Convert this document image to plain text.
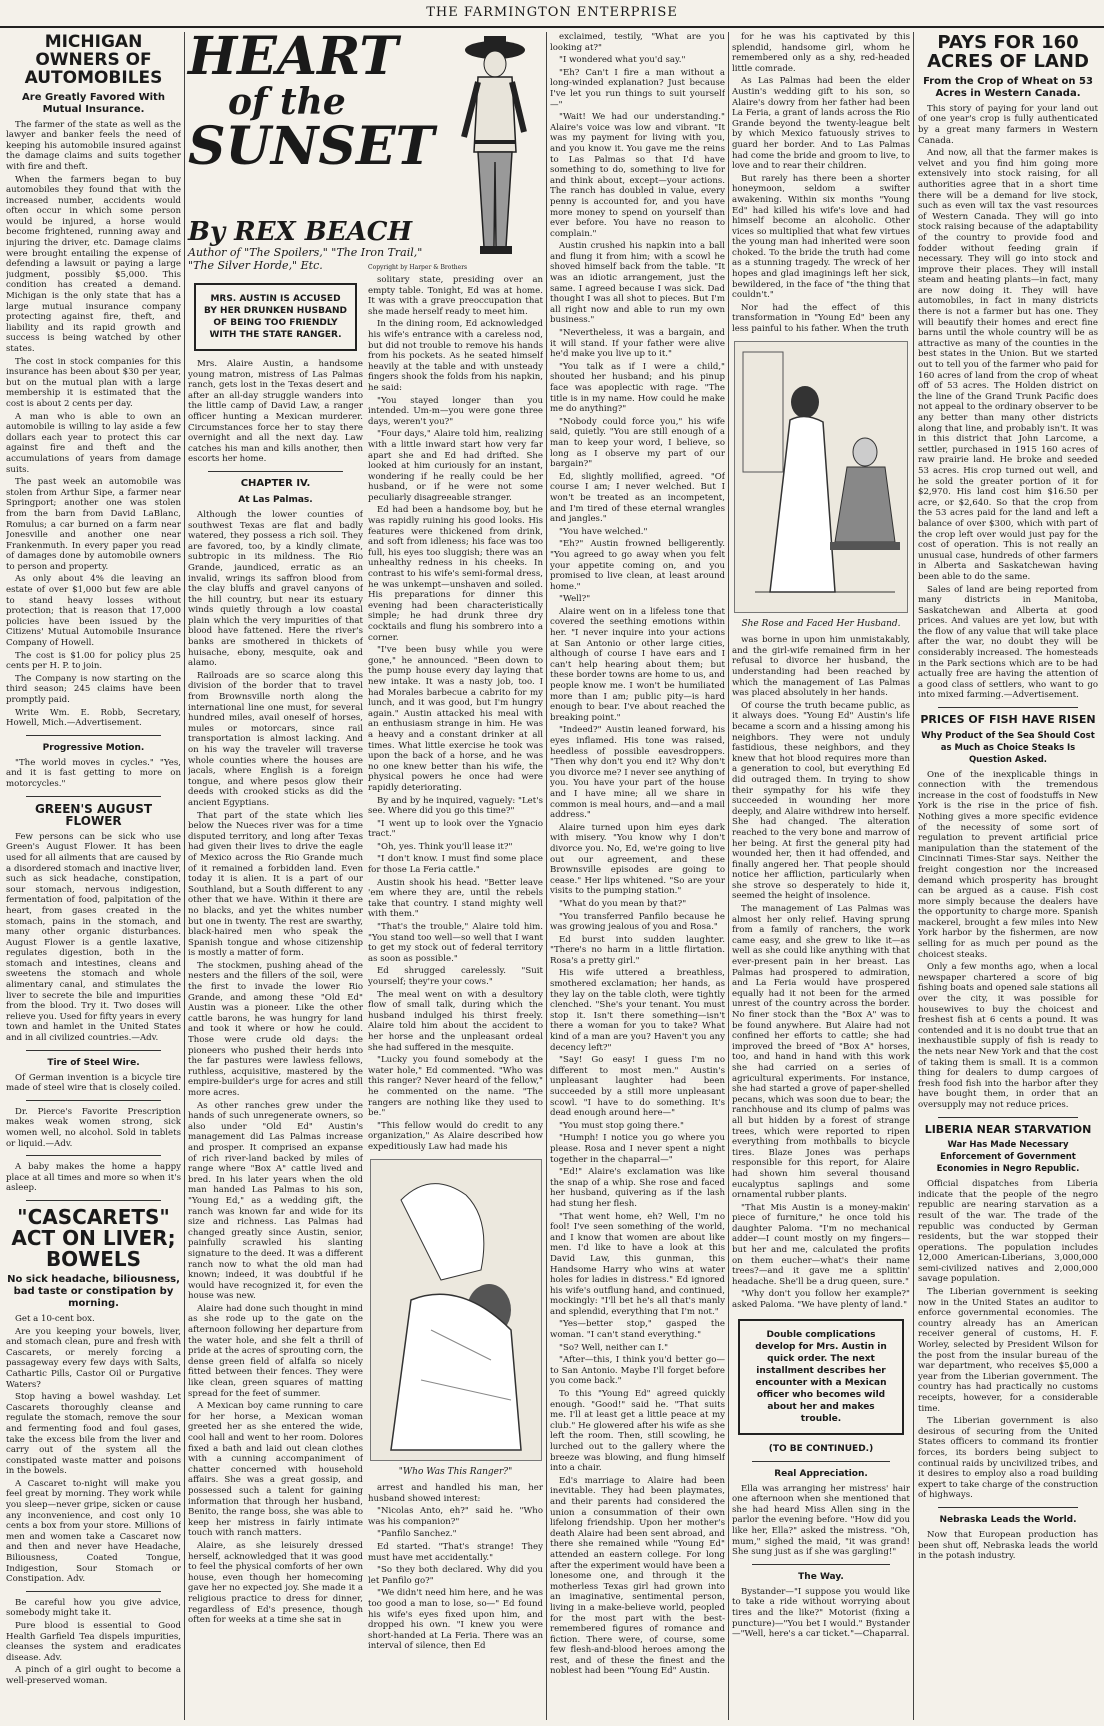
THE FARMINGTON ENTERPRISE
MICHIGAN OWNERS OF AUTOMOBILES
Are Greatly Favored With Mutual Insurance.

The farmer of the state as well as the lawyer and banker feels the need of keeping his automobile insured against the damage claims and suits together with fire and theft.

When the farmers began to buy automobiles they found that with the increased number, accidents would often occur in which some person would be injured, a horse would become frightened, running away and injuring the driver, etc. Damage claims were brought entailing the expense of defending a lawsuit or paying a large judgment, possibly $5,000. This condition has created a demand. Michigan is the only state that has a large mutual insurance company protecting against fire, theft, and liability and its rapid growth and success is being watched by other states.

The cost in stock companies for this insurance has been about $30 per year, but on the mutual plan with a large membership it is estimated that the cost is about 2 cents per day.

A man who is able to own an automobile is willing to lay aside a few dollars each year to protect this car against fire and theft and the accumulations of years from damage suits.

The past week an automobile was stolen from Arthur Sipe, a farmer near Springport; another one was stolen from the barn from David LaBlanc, Romulus; a car burned on a farm near Jonesville and another one near Frankenmuth. In every paper you read of damages done by automobile owners to person and property.

As only about 4% die leaving an estate of over $1,000 but few are able to stand heavy losses without protection; that is reason that 17,000 policies have been issued by the Citizens' Mutual Automobile Insurance Company of Howell.

The cost is $1.00 for policy plus 25 cents per H. P. to join.

The Company is now starting on the third season; 245 claims have been promptly paid.

Write Wm. E. Robb, Secretary, Howell, Mich.—Advertisement.

Progressive Motion.

"The world moves in cycles." "Yes, and it is fast getting to more on motorcycles."

GREEN'S AUGUST FLOWER

Few persons can be sick who use Green's August Flower. It has been used for all ailments that are caused by a disordered stomach and inactive liver, such as sick headache, constipation, sour stomach, nervous indigestion, fermentation of food, palpitation of the heart, from gases created in the stomach, pains in the stomach, and many other organic disturbances. August Flower is a gentle laxative, regulates digestion, both in the stomach and intestines, cleans and sweetens the stomach and whole alimentary canal, and stimulates the liver to secrete the bile and impurities from the blood. Try it. Two doses will relieve you. Used for fifty years in every town and hamlet in the United States and in all civilized countries.—Adv.

Tire of Steel Wire.

Of German invention is a bicycle tire made of steel wire that is closely coiled.

Dr. Pierce's Favorite Prescription makes weak women strong, sick women well, no alcohol. Sold in tablets or liquid.—Adv.

A baby makes the home a happy place at all times and more so when it's asleep.

"CASCARETS" ACT ON LIVER; BOWELS
No sick headache, biliousness, bad taste or constipation by morning.

Get a 10-cent box.

Are you keeping your bowels, liver, and stomach clean, pure and fresh with Cascarets, or merely forcing a passageway every few days with Salts, Cathartic Pills, Castor Oil or Purgative Waters?

Stop having a bowel washday. Let Cascarets thoroughly cleanse and regulate the stomach, remove the sour and fermenting food and foul gases, take the excess bile from the liver and carry out of the system all the constipated waste matter and poisons in the bowels.

A Cascaret to-night will make you feel great by morning. They work while you sleep—never gripe, sicken or cause any inconvenience, and cost only 10 cents a box from your store. Millions of men and women take a Cascaret now and then and never have Headache, Biliousness, Coated Tongue, Indigestion, Sour Stomach or Constipation. Adv.

Be careful how you give advice, somebody might take it.

Pure blood is essential to Good Health Garfield Tea dispels impurities, cleanses the system and eradicates disease. Adv.

A pinch of a girl ought to become a well-preserved woman.

HEART
of the
SUNSET
By REX BEACH
Author of "The Spoilers," "The Iron Trail," "The Silver Horde," Etc.	Copyright by Harper & Brothers
MRS. AUSTIN IS ACCUSED BY HER DRUNKEN HUSBAND OF BEING TOO FRIENDLY WITH THE STATE RANGER.

Mrs. Alaire Austin, a handsome young matron, mistress of Las Palmas ranch, gets lost in the Texas desert and after an all-day struggle wanders into the little camp of David Law, a ranger officer hunting a Mexican murderer. Circumstances force her to stay there overnight and all the next day. Law catches his man and kills another, then escorts her home.

CHAPTER IV.
At Las Palmas.

Although the lower counties of southwest Texas are flat and badly watered, they possess a rich soil. They are favored, too, by a kindly climate, subtropic in its mildness. The Rio Grande, jaundiced, erratic as an invalid, wrings its saffron blood from the clay bluffs and gravel canyons of the hill country, but near its estuary winds quietly through a low coastal plain which the very impurities of that blood have fattened. Here the river's banks are smothered in thickets of huisache, ebony, mesquite, oak and alamo.

Railroads are so scarce along this division of the border that to travel from Brownsville north along the international line one must, for several hundred miles, avail oneself of horses, mules or motorcars, since rail transportation is almost lacking. And on his way the traveler will traverse whole counties where the houses are jacals, where English is a foreign tongue, and where pesos glow their deeds with crooked sticks as did the ancient Egyptians.

That part of the state which lies below the Nueces river was for a time disputed territory, and long after Texas had given their lives to drive the eagle of Mexico across the Rio Grande much of it remained a forbidden land. Even today it is alien. It is a part of our Southland, but a South different to any other that we have. Within it there are no blacks, and yet the whites number but one in twenty. The rest are swarthy, black-haired men who speak the Spanish tongue and whose citizenship is mostly a matter of form.

The stockmen, pushing ahead of the nesters and the fillers of the soil, were the first to invade the lower Rio Grande, and among these "Old Ed" Austin was a pioneer. Like the other cattle barons, he was hungry for land and took it where or how he could. Those were crude old days: the pioneers who pushed their herds into the far pastures were lawless fellows, ruthless, acquisitive, mastered by the empire-builder's urge for acres and still more acres.

As other ranches grew under the hands of such unregenerate owners, so also under "Old Ed" Austin's management did Las Palmas increase and prosper. It comprised an expanse of rich river-land backed by miles of range where "Box A" cattle lived and bred. In his later years when the old man handed Las Palmas to his son, "Young Ed," as a wedding gift, the ranch was known far and wide for its size and richness. Las Palmas had changed greatly since Austin, senior, painfully scrawled his slanting signature to the deed. It was a different ranch now to what the old man had known; indeed, it was doubtful if he would have recognized it, for even the house was new.

Alaire had done such thought in mind as she rode up to the gate on the afternoon following her departure from the water hole, and she felt a thrill of pride at the acres of sprouting corn, the dense green field of alfalfa so nicely fitted between their fences. They were like clean, green squares of matting spread for the feet of summer.

A Mexican boy came running to care for her horse, a Mexican woman greeted her as she entered the wide, cool hall and went to her room. Dolores fixed a bath and laid out clean clothes with a cunning accompaniment of chatter concerned with household affairs. She was a great gossip, and possessed such a talent for gaining information that through her husband, Benito, the range boss, she was able to keep her mistress in fairly intimate touch with ranch matters.

Alaire, as she leisurely dressed herself, acknowledged that it was good to feel the physical comforts of her own house, even though her homecoming gave her no expected joy. She made it a religious practice to dress for dinner, regardless of Ed's presence, though often for weeks at a time she sat in

solitary state, presiding over an empty table. Tonight, Ed was at home. It was with a grave preoccupation that she made herself ready to meet him.

In the dining room, Ed acknowledged his wife's entrance with a careless nod, but did not trouble to remove his hands from his pockets. As he seated himself heavily at the table and with unsteady fingers shook the folds from his napkin, he said:

"You stayed longer than you intended. Um-m—you were gone three days, weren't you?"

"Four days," Alaire told him, realizing with a little inward start how very far apart she and Ed had drifted. She looked at him curiously for an instant, wondering if he really could be her husband, or if he were not some peculiarly disagreeable stranger.

Ed had been a handsome boy, but he was rapidly ruining his good looks. His features were thickened from drink, and soft from idleness; his face was too full, his eyes too sluggish; there was an unhealthy redness in his cheeks. In contrast to his wife's semi-formal dress, he was unkempt—unshaven and soiled. His preparations for dinner this evening had been characteristically simple; he had drunk three dry cocktails and flung his sombrero into a corner.

"I've been busy while you were gone," he announced. "Been down to the pump house every day laying that new intake. It was a nasty job, too. I had Morales barbecue a cabrito for my lunch, and it was good, but I'm hungry again." Austin attacked his meal with an enthusiasm strange in him. He was a heavy and a constant drinker at all times. What little exercise he took was upon the back of a horse, and he was no one knew better than his wife, the physical powers he once had were rapidly deteriorating.

By and by he inquired, vaguely: "Let's see. Where did you go this time?"

"I went up to look over the Ygnacio tract."

"Oh, yes. Think you'll lease it?"

"I don't know. I must find some place for those La Feria cattle."

Austin shook his head. "Better leave 'em where they are, until the rebels take that country. I stand mighty well with them."

"That's the trouble," Alaire told him. "You stand too well—so well that I want to get my stock out of federal territory as soon as possible."

Ed shrugged carelessly. "Suit yourself; they're your cows."

The meal went on with a desultory flow of small talk, during which the husband indulged his thirst freely. Alaire told him about the accident to her horse and the unpleasant ordeal she had suffered in the mesquite.

"Lucky you found somebody at the water hole," Ed commented. "Who was this ranger? Never heard of the fellow," he commented on the name. "The rangers are nothing like they used to be."

"This fellow would do credit to any organization," As Alaire described how expeditiously Law had made his

"Who Was This Ranger?"

arrest and handled his man, her husband showed interest:

"Nicolas Anto, eh?" said he. "Who was his companion?"

"Panfilo Sanchez."

Ed started. "That's strange! They must have met accidentally."

"So they both declared. Why did you let Panfilo go?"

"We didn't need him here, and he was too good a man to lose, so—" Ed found his wife's eyes fixed upon him, and dropped his own. "I knew you were short-handed at La Feria. There was an interval of silence, then Ed

exclaimed, testily, "What are you looking at?"

"I wondered what you'd say."

"Eh? Can't I fire a man without a long-winded explanation? Just because I've let you run things to suit yourself—"

"Wait! We had our understanding." Alaire's voice was low and vibrant. "It was my payment for living with you, and you know it. You gave me the reins to Las Palmas so that I'd have something to do, something to live for and think about, except—your actions. The ranch has doubled in value, every penny is accounted for, and you have more money to spend on yourself than ever before. You have no reason to complain."

Austin crushed his napkin into a ball and flung it from him; with a scowl he shoved himself back from the table. "It was an idiotic arrangement, just the same. I agreed because I was sick. Dad thought I was all shot to pieces. But I'm all right now and able to run my own business."

"Nevertheless, it was a bargain, and it will stand. If your father were alive he'd make you live up to it."

"You talk as if I were a child," shouted her husband; and his pinup face was apoplectic with rage. "The title is in my name. How could he make me do anything?"

"Nobody could force you," his wife said, quietly. "You are still enough of a man to keep your word, I believe, so long as I observe my part of our bargain?"

Ed, slightly mollified, agreed. "Of course I am; I never welched. But I won't be treated as an incompetent, and I'm tired of these eternal wrangles and jangles."

"You have welched."

"Eh?" Austin frowned belligerently. "You agreed to go away when you felt your appetite coming on, and you promised to live clean, at least around home."

"Well?"

Alaire went on in a lifeless tone that covered the seething emotions within her. "I never inquire into your actions at San Antonio or other large cities, although of course I have ears and I can't help hearing about them; but these border towns are home to us, and people know me. I won't be humiliated more than I am; public pity—is hard enough to bear. I've about reached the breaking point."

"Indeed?" Austin leaned forward, his eyes inflamed. His tone was raised, heedless of possible eavesdroppers. "Then why don't you end it? Why don't you divorce me? I never see anything of you. You have your part of the house and I have mine; all we share in common is meal hours, and—and a mail address."

Alaire turned upon him eyes dark with misery. "You know why I don't divorce you. No, Ed, we're going to live out our agreement, and these Brownsville episodes are going to cease." Her lips whitened. "So are your visits to the pumping station."

"What do you mean by that?"

"You transferred Panfilo because he was growing jealous of you and Rosa."

Ed burst into sudden laughter. "There's no harm in a little flirtation. Rosa's a pretty girl."

His wife uttered a breathless, smothered exclamation; her hands, as they lay on the table cloth, were tightly clenched. "She's your tenant. You must stop it. Isn't there something—isn't there a woman for you to take? What kind of a man are you? Haven't you any decency left?"

"Say! Go easy! I guess I'm no different to most men." Austin's unpleasant laughter had been succeeded by a still more unpleasant scowl. "I have to do something. It's dead enough around here—"

"You must stop going there."

"Humph! I notice you go where you please. Rosa and I never spent a night together in the chaparral—"

"Ed!" Alaire's exclamation was like the snap of a whip. She rose and faced her husband, quivering as if the lash had stung her flesh.

"That went home, eh? Well, I'm no fool! I've seen something of the world, and I know that women are about like men. I'd like to have a look at this David Law, this gunman, this Handsome Harry who wins at water holes for ladies in distress." Ed ignored his wife's outflung hand, and continued, mockingly: "I'll bet he's all that's manly and splendid, everything that I'm not."

"Yes—better stop," gasped the woman. "I can't stand everything."

"So? Well, neither can I."

"After—this, I think you'd better go—to San Antonio. Maybe I'll forget before you come back."

To this "Young Ed" agreed quickly enough. "Good!" said he. "That suits me. I'll at least get a little peace at my club." He glowered after his wife as she left the room. Then, still scowling, he lurched out to the gallery where the breeze was blowing, and flung himself into a chair.

Ed's marriage to Alaire had been inevitable. They had been playmates, and their parents had considered the union a consummation of their own lifelong friendship. Upon her mother's death Alaire had been sent abroad, and there she remained while "Young Ed" attended an eastern college. For long after the experiment would have been a lonesome one, and through it the motherless Texas girl had grown into an imaginative, sentimental person, living in a make-believe world, peopled for the most part with the best-remembered figures of romance and fiction. There were, of course, some few flesh-and-blood heroes among the rest, and of these the finest and the noblest had been "Young Ed" Austin.

for he was his captivated by this splendid, handsome girl, whom he remembered only as a shy, red-headed little comrade.

As Las Palmas had been the elder Austin's wedding gift to his son, so Alaire's dowry from her father had been La Feria, a grant of lands across the Rio Grande beyond the twenty-league belt by which Mexico fatuously strives to guard her border. And to Las Palmas had come the bride and groom to live, to love and to rear their children.

But rarely has there been a shorter honeymoon, seldom a swifter awakening. Within six months "Young Ed" had killed his wife's love and had himself become an alcoholic. Other vices so multiplied that what few virtues the young man had inherited were soon choked. To the bride the truth had come as a stunning tragedy. The wreck of her hopes and glad imaginings left her sick, bewildered, in the face of "the thing that couldn't."

Nor had the effect of this transformation in "Young Ed" been any less painful to his father. When the truth

She Rose and Faced Her Husband.

was borne in upon him unmistakably, and the girl-wife remained firm in her refusal to divorce her husband, the understanding had been reached by which the management of Las Palmas was placed absolutely in her hands.

Of course the truth became public, as it always does. "Young Ed" Austin's life became a scorn and a hissing among his neighbors. They were not unduly fastidious, these neighbors, and they knew that hot blood requires more than a generation to cool, but everything Ed did outraged them. In trying to show their sympathy for his wife they succeeded in wounding her more deeply, and Alaire withdrew into herself. She had changed. The alteration reached to the very bone and marrow of her being. At first the general pity had wounded her, then it had offended, and finally angered her. That people should notice her affliction, particularly when she strove so desperately to hide it, seemed the height of insolence.

The management of Las Palmas was almost her only relief. Having sprung from a family of ranchers, the work came easy, and she grew to like it—as well as she could like anything with that ever-present pain in her breast. Las Palmas had prospered to admiration, and La Feria would have prospered equally had it not been for the armed unrest of the country across the border. No finer stock than the "Box A" was to be found anywhere. But Alaire had not confined her efforts to cattle; she had improved the breed of "Box A" horses, too, and hand in hand with this work she had carried on a series of agricultural experiments. For instance, she had started a grove of paper-shelled pecans, which was soon due to bear; the ranchhouse and its clump of palms was all but hidden by a forest of strange trees, which were reported to ripen everything from mothballs to bicycle tires. Blaze Jones was perhaps responsible for this report, for Alaire had shown him several thousand eucalyptus saplings and some ornamental rubber plants.

"That Mis Austin is a money-makin' piece of furniture," he once told his daughter Paloma. "I'm no mechanical adder—I count mostly on my fingers—but her and me, calculated the profits on them eucher—what's their name trees?—and it gave me a splittin' headache. She'll be a drug queen, sure."

"Why don't you follow her example?" asked Paloma. "We have plenty of land."

Double complications develop for Mrs. Austin in quick order. The next installment describes her encounter with a Mexican officer who becomes wild about her and makes trouble.
(TO BE CONTINUED.)
Real Appreciation.

Ella was arranging her mistress' hair one afternoon when she mentioned that she had heard Miss Allen sing in the parlor the evening before. "How did you like her, Ella?" asked the mistress. "Oh, mum," sighed the maid, "it was grand! She sung just as if she was gargling!"

The Way.

Bystander—"I suppose you would like to take a ride without worrying about tires and the like?" Motorist (fixing a puncture)—"You bet I would." Bystander—"Well, here's a car ticket."—Chaparral.

PAYS FOR 160 ACRES OF LAND
From the Crop of Wheat on 53 Acres in Western Canada.

This story of paying for your land out of one year's crop is fully authenticated by a great many farmers in Western Canada.

And now, all that the farmer makes is velvet and you find him going more extensively into stock raising, for all authorities agree that in a short time there will be a demand for live stock, such as even will tax the vast resources of Western Canada. They will go into stock raising because of the adaptability of the country to provide food and fodder without feeding grain if necessary. They will go into stock and improve their places. They will install steam and heating plants—in fact, many are now doing it. They will have automobiles, in fact in many districts there is not a farmer but has one. They will beautify their homes and erect fine barns until the whole country will be as attractive as many of the counties in the best states in the Union. But we started out to tell you of the farmer who paid for 160 acres of land from the crop of wheat off of 53 acres. The Holden district on the line of the Grand Trunk Pacific does not appeal to the ordinary observer to be any better than many other districts along that line, and probably isn't. It was in this district that John Larcome, a settler, purchased in 1915 160 acres of raw prairie land. He broke and seeded 53 acres. His crop turned out well, and he sold the greater portion of it for $2,970. His land cost him $16.50 per acre, or $2,640. So that the crop from the 53 acres paid for the land and left a balance of over $300, which with part of the crop left over would just pay for the cost of operation. This is not really an unusual case, hundreds of other farmers in Alberta and Saskatchewan having been able to do the same.

Sales of land are being reported from many districts in Manitoba, Saskatchewan and Alberta at good prices. And values are yet low, but with the flow of any value that will take place after the war, no doubt they will be considerably increased. The homesteads in the Park sections which are to be had actually free are having the attention of a good class of settlers, who want to go into mixed farming.—Advertisement.

PRICES OF FISH HAVE RISEN
Why Product of the Sea Should Cost as Much as Choice Steaks Is Question Asked.

One of the inexplicable things in connection with the tremendous increase in the cost of foodstuffs in New York is the rise in the price of fish. Nothing gives a more specific evidence of the necessity of some sort of regulation to prevent artificial price manipulation than the statement of the Cincinnati Times-Star says. Neither the freight congestion nor the increased demand which prosperity has brought can be argued as a cause. Fish cost more simply because the dealers have the opportunity to charge more. Spanish mackerel, brought a few miles into New York harbor by the fishermen, are now selling for as much per pound as the choicest steaks.

Only a few months ago, when a local newspaper chartered a score of big fishing boats and opened sale stations all over the city, it was possible for housewives to buy the choicest and freshest fish at 6 cents a pound. It was contended and it is no doubt true that an inexhaustible supply of fish is ready to the nets near New York and that the cost of taking them is small. It is a common thing for dealers to dump cargoes of fresh food fish into the harbor after they have bought them, in order that an oversupply may not reduce prices.

LIBERIA NEAR STARVATION
War Has Made Necessary Enforcement of Government Economies in Negro Republic.

Official dispatches from Liberia indicate that the people of the negro republic are nearing starvation as a result of the war. The trade of the republic was conducted by German residents, but the war stopped their operations. The population includes 12,000 American-Liberians, 3,000,000 semi-civilized natives and 2,000,000 savage population.

The Liberian government is seeking now in the United States an auditor to enforce governmental economies. The country already has an American receiver general of customs, H. F. Worley, selected by President Wilson for the post from the insular bureau of the war department, who receives $5,000 a year from the Liberian government. The country has had practically no customs receipts, however, for a considerable time.

The Liberian government is also desirous of securing from the United States officers to command its frontier forces, its borders being subject to continual raids by uncivilized tribes, and it desires to employ also a road building expert to take charge of the construction of highways.

Nebraska Leads the World.

Now that European production has been shut off, Nebraska leads the world in the potash industry.
